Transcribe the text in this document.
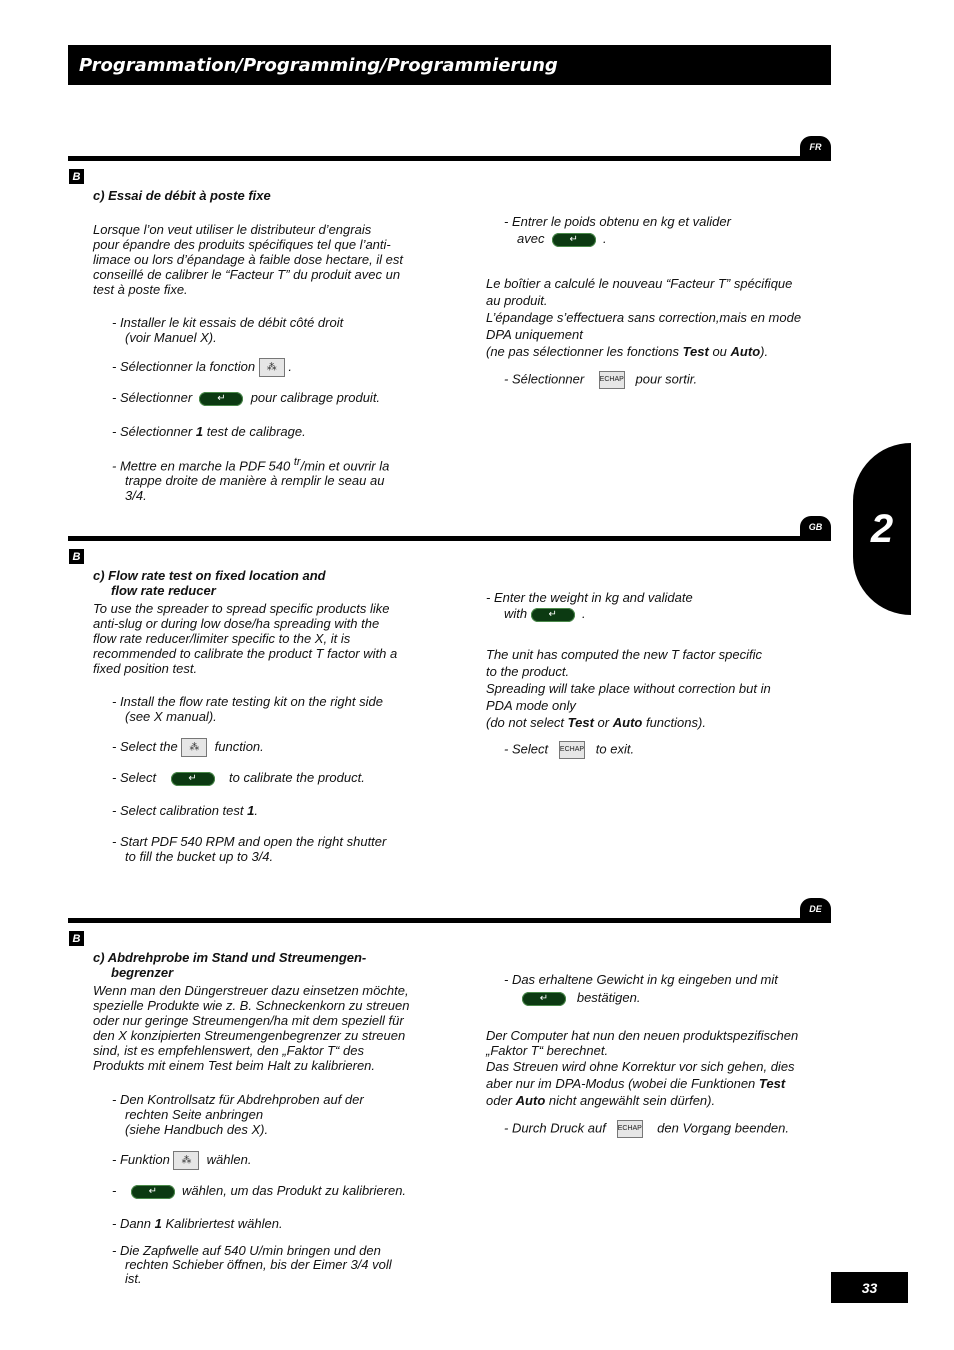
Programmation / Programming / Programmierung
2
FR
B
c) Essai de débit à poste fixe
Lorsque l’on veut utiliser le distributeur d’engrais
pour épandre des produits spécifiques tel que l’anti-
limace ou lors d’épandage à faible dose hectare, il est
conseillé de calibrer le “Facteur T” du produit avec un
test à poste fixe.
- Installer le kit essais de débit côté droit
(voir Manuel X).
- Sélectionner la fonction ⁂ .
- Sélectionner ↵	pour calibrage produit.
- Sélectionner 1 test de calibrage.
- Mettre en marche la PDF 540 $^{tr}$/min et ouvrir la
trappe droite de manière à remplir le seau au
3/4.
- Entrer le poids obtenu en kg et valider
avec ↵	.
Le boîtier a calculé le nouveau “Facteur T” spécifique
au produit.
L’épandage s’effectuera sans correction,mais en mode
DPA uniquement
(ne pas sélectionner les fonctions Test ou Auto).
- Sélectionner ECHAP pour sortir.
GB
B
c) Flow rate test on fixed location and
flow rate reducer
To use the spreader to spread specific products like
anti-slug or during low dose/ha spreading with the
flow rate reducer/limiter specific to the X, it is
recommended to calibrate the product T factor with a
fixed position test.
- Install the flow rate testing kit on the right side
(see X manual).
- Select the ⁂ function.
- Select ↵	to calibrate the product.
- Select calibration test 1.
- Start PDF 540 RPM and open the right shutter
to fill the bucket up to 3/4.
- Enter the weight in kg and validate
with ↵	.
The unit has computed the new T factor specific
to the product.
Spreading will take place without correction but in
PDA mode only
(do not select Test or Auto functions).
- Select ECHAP to exit.
DE
B
c) Abdrehprobe im Stand und Streumengen-
begrenzer
Wenn man den Düngerstreuer dazu einsetzen möchte,
spezielle Produkte wie z. B. Schneckenkorn zu streuen
oder nur geringe Streumengen/ha mit dem speziell für
den X konzipierten Streumengenbegrenzer zu streuen
sind, ist es empfehlenswert, den „Faktor T“ des
Produkts mit einem Test beim Halt zu kalibrieren.
- Den Kontrollsatz für Abdrehproben auf der
rechten Seite anbringen
(siehe Handbuch des X).
- Funktion ⁂ wählen.
- ↵	wählen, um das Produkt zu kalibrieren.
- Dann 1 Kalibriertest wählen.
- Die Zapfwelle auf 540 U/min bringen und den
rechten Schieber öffnen, bis der Eimer 3/4 voll
ist.
- Das erhaltene Gewicht in kg eingeben und mit
↵   bestätigen.
Der Computer hat nun den neuen produktspezifischen
„Faktor T“ berechnet.
Das Streuen wird ohne Korrektur vor sich gehen, dies
aber nur im DPA-Modus (wobei die Funktionen Test
oder Auto nicht angewählt sein dürfen).
- Durch Druck auf ECHAP den Vorgang beenden.
33
